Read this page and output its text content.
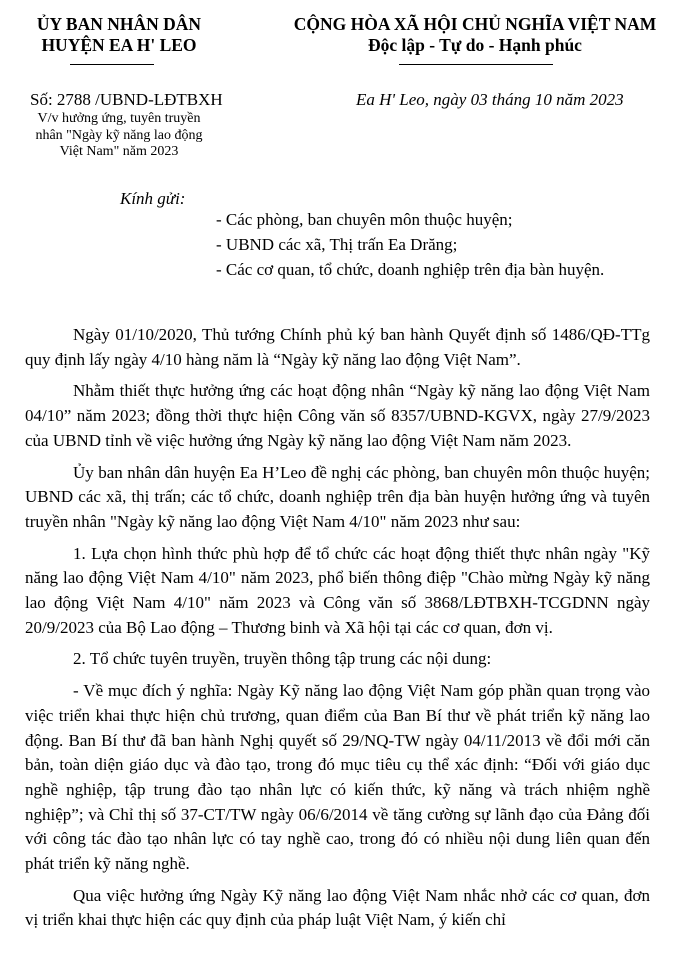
ỦY BAN NHÂN DÂN
HUYỆN EA H' LEO
CỘNG HÒA XÃ HỘI CHỦ NGHĨA VIỆT NAM
Độc lập - Tự do - Hạnh phúc
Số: 2788 /UBND-LĐTBXH
V/v hưởng ứng, tuyên truyền
nhân "Ngày kỹ năng lao động
Việt Nam" năm 2023
Ea H' Leo, ngày 03 tháng 10 năm 2023
Kính gửi:
- Các phòng, ban chuyên môn thuộc huyện;
- UBND các xã, Thị trấn Ea Drăng;
- Các cơ quan, tổ chức, doanh nghiệp trên địa bàn huyện.

Ngày 01/10/2020, Thủ tướng Chính phủ ký ban hành Quyết định số 1486/QĐ-TTg quy định lấy ngày 4/10 hàng năm là “Ngày kỹ năng lao động Việt Nam”.

Nhằm thiết thực hưởng ứng các hoạt động nhân “Ngày kỹ năng lao động Việt Nam 04/10” năm 2023; đồng thời thực hiện Công văn số 8357/UBND-KGVX, ngày 27/9/2023 của UBND tỉnh về việc hưởng ứng Ngày kỹ năng lao động Việt Nam năm 2023.

Ủy ban nhân dân huyện Ea H’Leo đề nghị các phòng, ban chuyên môn thuộc huyện; UBND các xã, thị trấn; các tổ chức, doanh nghiệp trên địa bàn huyện hưởng ứng và tuyên truyền nhân "Ngày kỹ năng lao động Việt Nam 4/10" năm 2023 như sau:

1. Lựa chọn hình thức phù hợp để tổ chức các hoạt động thiết thực nhân ngày "Kỹ năng lao động Việt Nam 4/10" năm 2023, phổ biến thông điệp "Chào mừng Ngày kỹ năng lao động Việt Nam 4/10" năm 2023 và Công văn số 3868/LĐTBXH-TCGDNN ngày 20/9/2023 của Bộ Lao động – Thương binh và Xã hội tại các cơ quan, đơn vị.

2. Tổ chức tuyên truyền, truyền thông tập trung các nội dung:

- Về mục đích ý nghĩa: Ngày Kỹ năng lao động Việt Nam góp phần quan trọng vào việc triển khai thực hiện chủ trương, quan điểm của Ban Bí thư về phát triển kỹ năng lao động. Ban Bí thư đã ban hành Nghị quyết số 29/NQ-TW ngày 04/11/2013 về đổi mới căn bản, toàn diện giáo dục và đào tạo, trong đó mục tiêu cụ thể xác định: “Đối với giáo dục nghề nghiệp, tập trung đào tạo nhân lực có kiến thức, kỹ năng và trách nhiệm nghề nghiệp”; và Chỉ thị số 37-CT/TW ngày 06/6/2014 về tăng cường sự lãnh đạo của Đảng đối với công tác đào tạo nhân lực có tay nghề cao, trong đó có nhiều nội dung liên quan đến phát triển kỹ năng nghề.

Qua việc hưởng ứng Ngày Kỹ năng lao động Việt Nam nhắc nhở các cơ quan, đơn vị triển khai thực hiện các quy định của pháp luật Việt Nam, ý kiến chỉ
